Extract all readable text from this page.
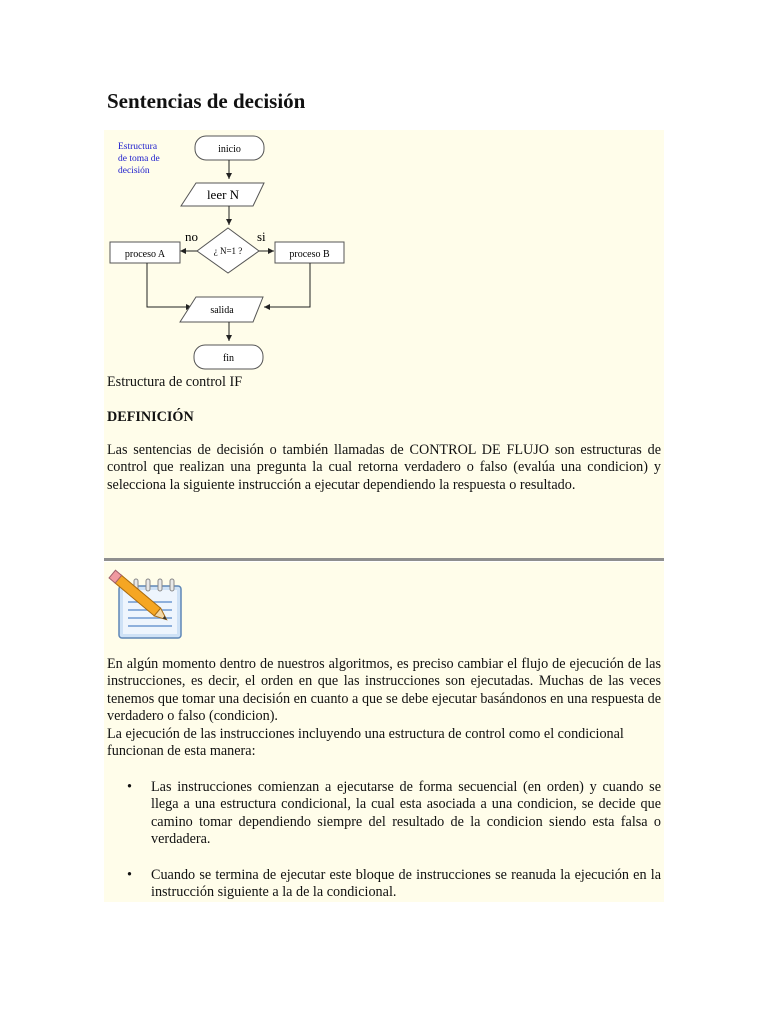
Sentencias de decisión
Estructura
de toma de
decisión
inicio
leer N
¿ N=1 ?
no	si
proceso A	proceso B
salida
fin

Estructura de control IF

DEFINICIÓN

Las sentencias de decisión o también llamadas de CONTROL DE FLUJO son estructuras de control que realizan una pregunta la cual retorna verdadero o falso (evalúa una condicion) y selecciona la siguiente instrucción a ejecutar dependiendo la respuesta o resultado.

En algún momento dentro de nuestros algoritmos, es preciso cambiar el flujo de ejecución de las instrucciones, es decir, el orden en que las instrucciones son ejecutadas. Muchas de las veces tenemos que tomar una decisión en cuanto a que se debe ejecutar basándonos en una respuesta de verdadero o falso (condicion).
La ejecución de las instrucciones incluyendo una estructura de control como el condicional funcionan de esta manera:
• Las instrucciones comienzan a ejecutarse de forma secuencial (en orden) y cuando se llega a una estructura condicional, la cual esta asociada a una condicion, se decide que camino tomar dependiendo siempre del resultado de la condicion siendo esta falsa o verdadera.
• Cuando se termina de ejecutar este bloque de instrucciones se reanuda la ejecución en la instrucción siguiente a la de la condicional.
